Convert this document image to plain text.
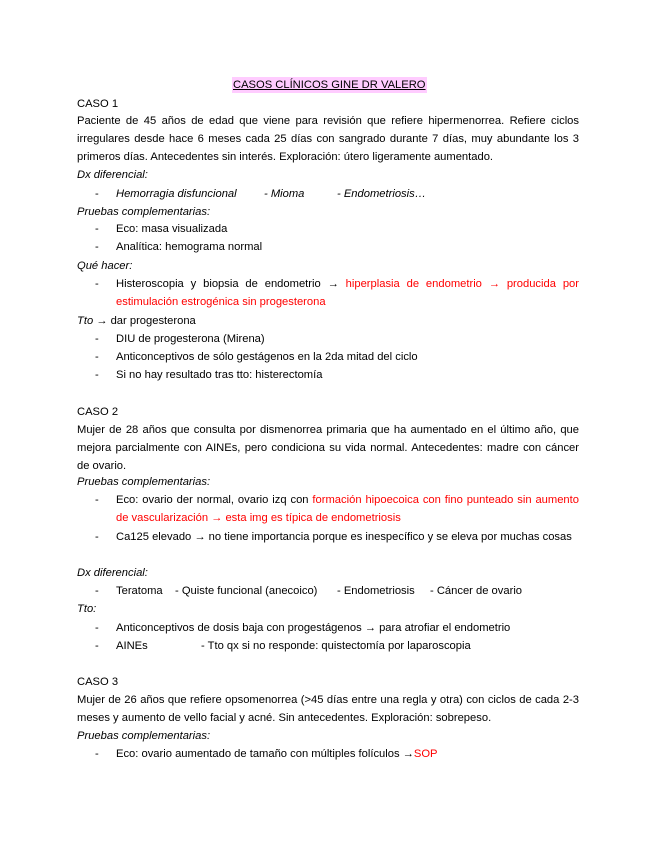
CASOS CLÍNICOS GINE DR VALERO
CASO 1
Paciente de 45 años de edad que viene para revisión que refiere hipermenorrea. Refiere ciclos irregulares desde hace 6 meses cada 25 días con sangrado durante 7 días, muy abundante los 3 primeros días. Antecedentes sin interés. Exploración: útero ligeramente aumentado.
Dx diferencial:
- Hemorragia disfuncional - Mioma	- Endometriosis…
Pruebas complementarias:
- Eco: masa visualizada
- Analítica: hemograma normal
Qué hacer:
- Histeroscopia y biopsia de endometrio → hiperplasia de endometrio → producida por estimulación estrogénica sin progesterona
Tto → dar progesterona
- DIU de progesterona (Mirena)
- Anticonceptivos de sólo gestágenos en la 2da mitad del ciclo
- Si no hay resultado tras tto: histerectomía
CASO 2
Mujer de 28 años que consulta por dismenorrea primaria que ha aumentado en el último año, que mejora parcialmente con AINEs, pero condiciona su vida normal. Antecedentes: madre con cáncer de ovario.
Pruebas complementarias:
- Eco: ovario der normal, ovario izq con formación hipoecoica con fino punteado sin aumento de vascularización → esta img es típica de endometriosis
- Ca125 elevado → no tiene importancia porque es inespecífico y se eleva por muchas cosas
Dx diferencial:
- Teratoma - Quiste funcional (anecoico) - Endometriosis - Cáncer de ovario
Tto:
- Anticonceptivos de dosis baja con progestágenos → para atrofiar el endometrio
- AINEs	- Tto qx si no responde: quistectomía por laparoscopia
CASO 3
Mujer de 26 años que refiere opsomenorrea (>45 días entre una regla y otra) con ciclos de cada 2-3 meses y aumento de vello facial y acné. Sin antecedentes. Exploración: sobrepeso.
Pruebas complementarias:
- Eco: ovario aumentado de tamaño con múltiples folículos →SOP
